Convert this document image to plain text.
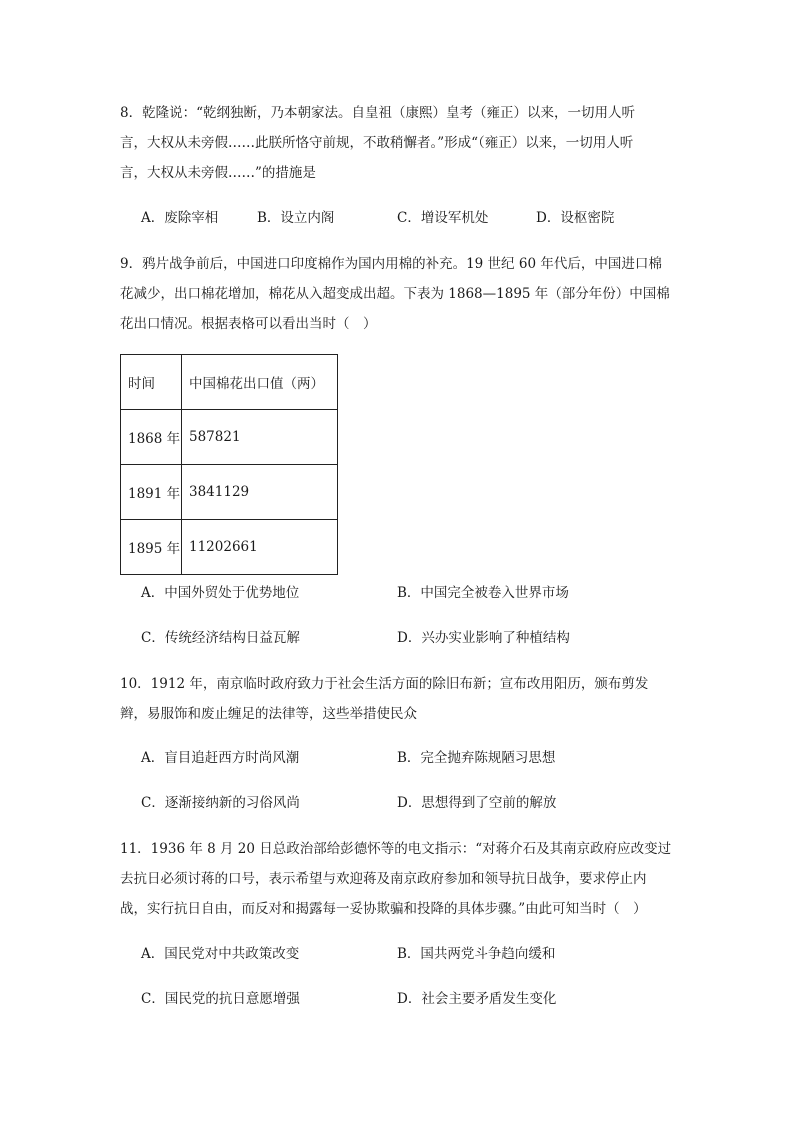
8．乾隆说：“乾纲独断，乃本朝家法。自皇祖（康熙）皇考（雍正）以来，一切用人听
言，大权从未旁假……此朕所恪守前规，不敢稍懈者。”形成“（雍正）以来，一切用人听
言，大权从未旁假……”的措施是
A．废除宰相	B．设立内阁	C．增设军机处	D．设枢密院
9．鸦片战争前后，中国进口印度棉作为国内用棉的补充。19 世纪 60 年代后，中国进口棉
花减少，出口棉花增加，棉花从入超变成出超。下表为 1868—1895 年（部分年份）中国棉
花出口情况。根据表格可以看出当时（　）
时间	中国棉花出口值（两）
1868 年	587821
1891 年	3841129
1895 年	11202661
A．中国外贸处于优势地位	B．中国完全被卷入世界市场
C．传统经济结构日益瓦解	D．兴办实业影响了种植结构
10．1912 年，南京临时政府致力于社会生活方面的除旧布新；宣布改用阳历，颁布剪发
辫，易服饰和废止缠足的法律等，这些举措使民众
A．盲目追赶西方时尚风潮	B．完全抛弃陈规陋习思想
C．逐渐接纳新的习俗风尚	D．思想得到了空前的解放
11．1936 年 8 月 20 日总政治部给彭德怀等的电文指示：“对蒋介石及其南京政府应改变过
去抗日必须讨蒋的口号，表示希望与欢迎蒋及南京政府参加和领导抗日战争，要求停止内
战，实行抗日自由，而反对和揭露每一妥协欺骗和投降的具体步骤。”由此可知当时（　）
A．国民党对中共政策改变	B．国共两党斗争趋向缓和
C．国民党的抗日意愿增强	D．社会主要矛盾发生变化
